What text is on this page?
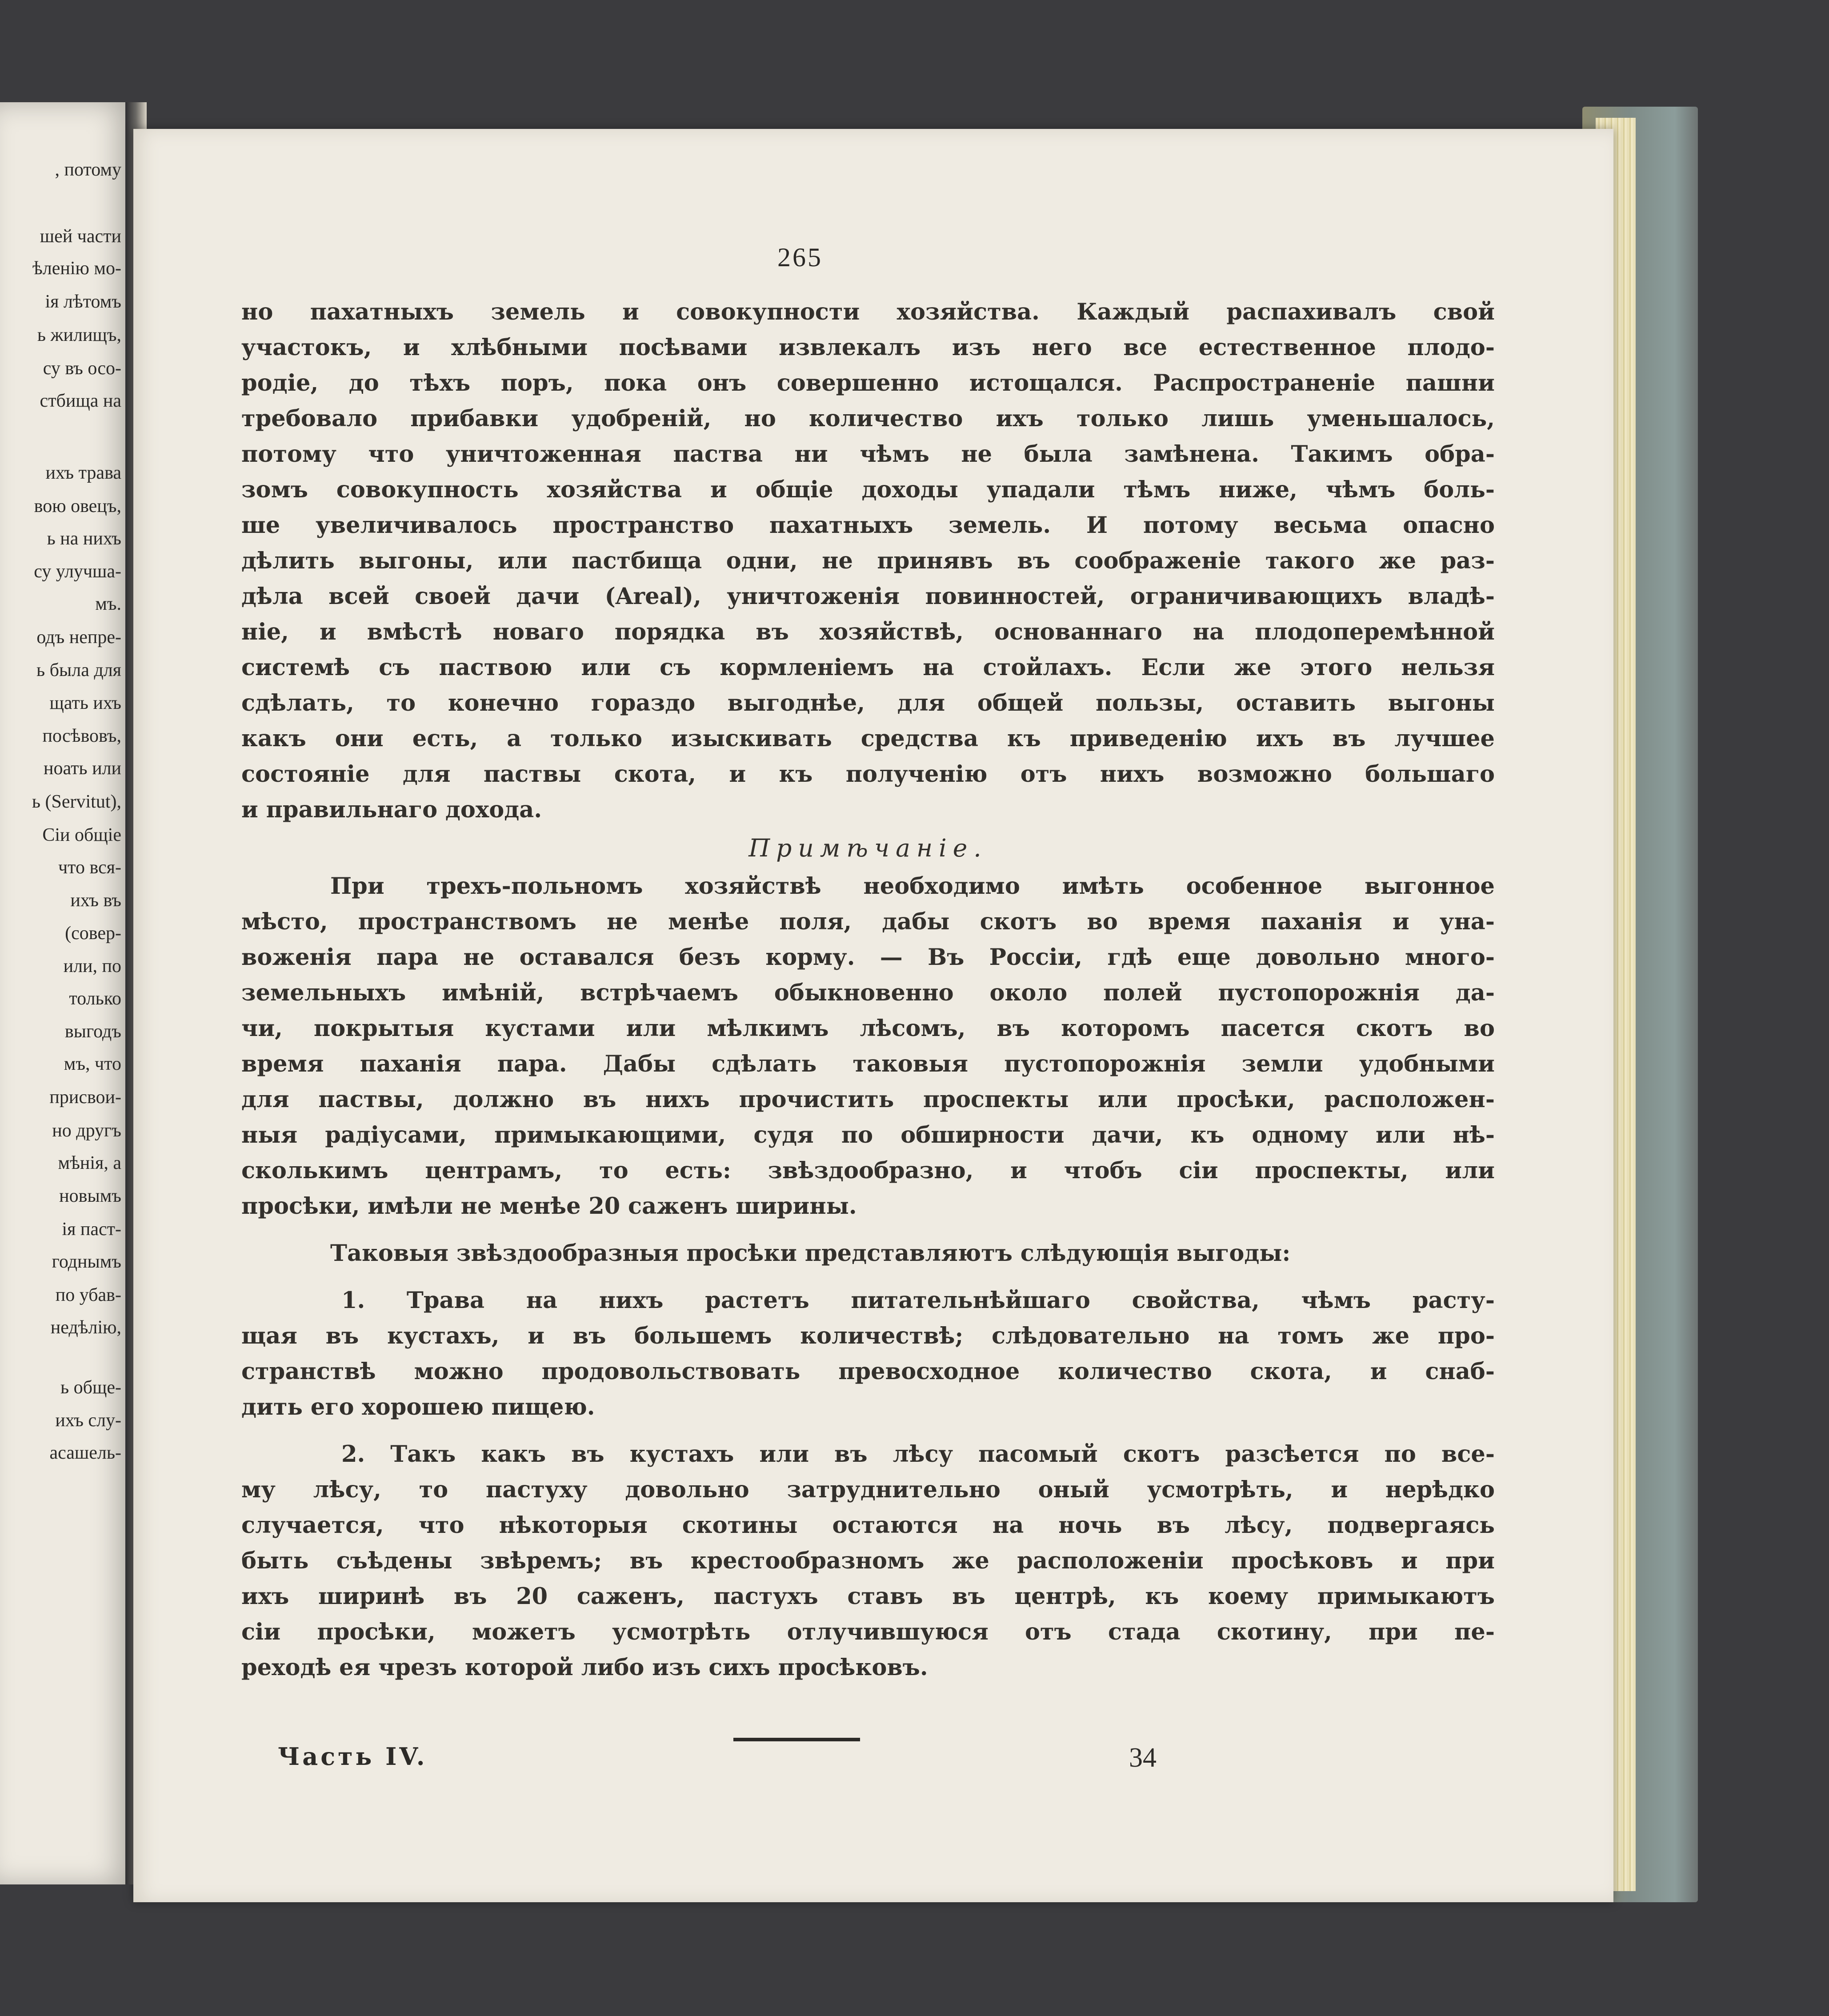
, потому
шей части
ѣленію мо-
ія лѣтомъ
ь жилищъ,
су въ осо-
стбища на
ихъ трава
вою овецъ,
ь на нихъ
су улучша-
мъ.
одъ непре-
ь была для
щать ихъ
посѣвовъ,
ноать или
ь (Servitut),
Сіи общіе
что вся-
ихъ въ
(совер-
или, по
только
выгодъ
мъ, что
присвои-
но другъ
мѣнія, а
новымъ
ія паст-
годнымъ
по убав-
недѣлію,
ь обще-
ихъ слу-
асашель-
265

но пахатныхъ земель и совокупности хозяйства. Каждый распахивалъ свой

участокъ, и хлѣбными посѣвами извлекалъ изъ него все естественное плодо-

родіе, до тѣхъ поръ, пока онъ совершенно истощался. Распространеніе пашни

требовало прибавки удобреній, но количество ихъ только лишь уменьшалось,

потому что уничтоженная паства ни чѣмъ не была замѣнена. Такимъ обра-

зомъ совокупность хозяйства и общіе доходы упадали тѣмъ ниже, чѣмъ боль-

ше увеличивалось пространство пахатныхъ земель. И потому весьма опасно

дѣлить выгоны, или пастбища одни, не принявъ въ соображеніе такого же раз-

дѣла всей своей дачи (Areal), уничтоженія повинностей, ограничивающихъ владѣ-

ніе, и вмѣстѣ новаго порядка въ хозяйствѣ, основаннаго на плодоперемѣнной

системѣ съ паствою или съ кормленіемъ на стойлахъ. Если же этого нельзя

сдѣлать, то конечно гораздо выгоднѣе, для общей пользы, оставить выгоны

какъ они есть, а только изыскивать средства къ приведенію ихъ въ лучшее

состояніе для паствы скота, и къ полученію отъ нихъ возможно большаго

и правильнаго дохода.

Примѣчаніе.

При трехъ-польномъ хозяйствѣ необходимо имѣть особенное выгонное

мѣсто, пространствомъ не менѣе поля, дабы скотъ во время паханія и уна-

воженія пара не оставался безъ корму. — Въ Россіи, гдѣ еще довольно много-

земельныхъ имѣній, встрѣчаемъ обыкновенно около полей пустопорожнія да-

чи, покрытыя кустами или мѣлкимъ лѣсомъ, въ которомъ пасется скотъ во

время паханія пара. Дабы сдѣлать таковыя пустопорожнія земли удобными

для паствы, должно въ нихъ прочистить проспекты или просѣки, расположен-

ныя радіусами, примыкающими, судя по обширности дачи, къ одному или нѣ-

сколькимъ центрамъ, то есть: звѣздообразно, и чтобъ сіи проспекты, или

просѣки, имѣли не менѣе 20 саженъ ширины.

Таковыя звѣздообразныя просѣки представляютъ слѣдующія выгоды:

1. Трава на нихъ растетъ питательнѣйшаго свойства, чѣмъ расту-

щая въ кустахъ, и въ большемъ количествѣ; слѣдовательно на томъ же про-

странствѣ можно продовольствовать превосходное количество скота, и снаб-

дить его хорошею пищею.

2. Такъ какъ въ кустахъ или въ лѣсу пасомый скотъ разсѣется по все-

му лѣсу, то пастуху довольно затруднительно оный усмотрѣть, и нерѣдко

случается, что нѣкоторыя скотины остаются на ночь въ лѣсу, подвергаясь

быть съѣдены звѣремъ; въ крестообразномъ же расположеніи просѣковъ и при

ихъ ширинѣ въ 20 саженъ, пастухъ ставъ въ центрѣ, къ коему примыкаютъ

сіи просѣки, можетъ усмотрѣть отлучившуюся отъ стада скотину, при пе-

реходѣ ея чрезъ которой либо изъ сихъ просѣковъ.

Часть IV.	34
